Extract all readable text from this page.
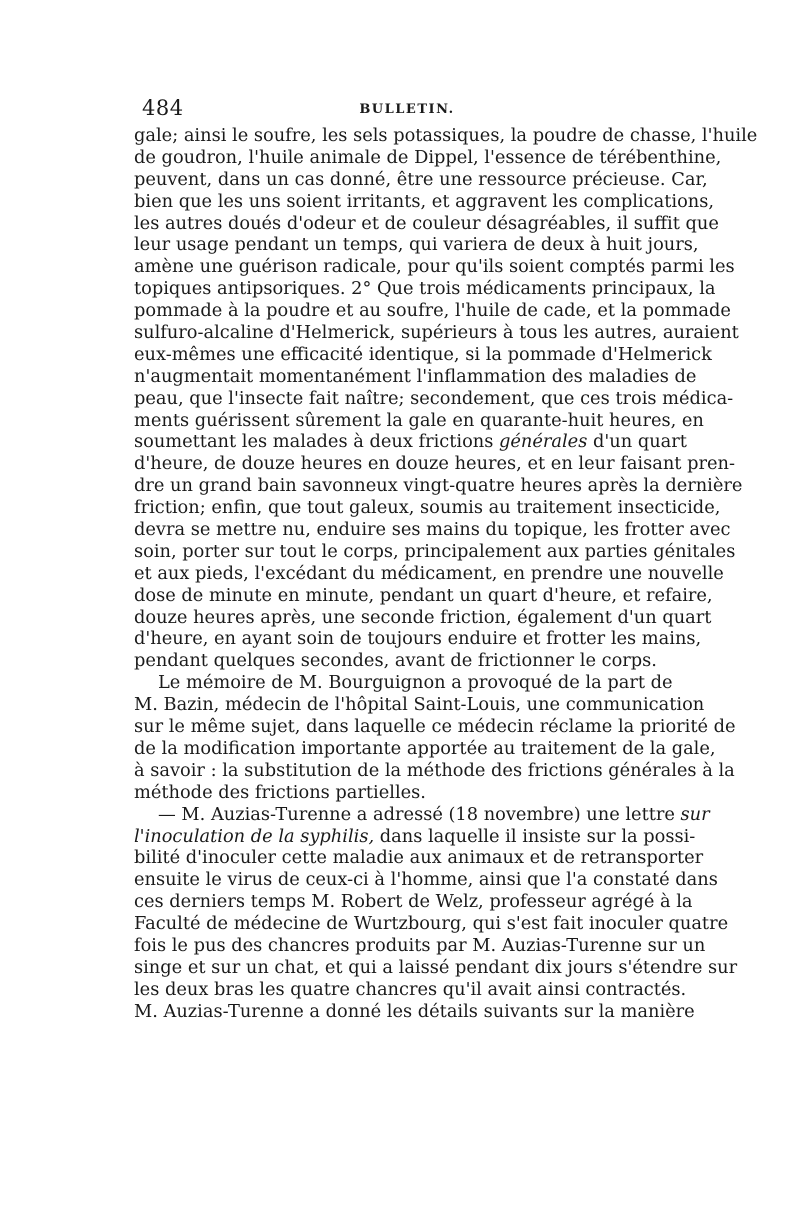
484	BULLETIN.
gale; ainsi le soufre, les sels potassiques, la poudre de chasse, l'huile
de goudron, l'huile animale de Dippel, l'essence de térébenthine,
peuvent, dans un cas donné, être une ressource précieuse. Car,
bien que les uns soient irritants, et aggravent les complications,
les autres doués d'odeur et de couleur désagréables, il suffit que
leur usage pendant un temps, qui variera de deux à huit jours,
amène une guérison radicale, pour qu'ils soient comptés parmi les
topiques antipsoriques. 2° Que trois médicaments principaux, la
pommade à la poudre et au soufre, l'huile de cade, et la pommade
sulfuro-alcaline d'Helmerick, supérieurs à tous les autres, auraient
eux-mêmes une efficacité identique, si la pommade d'Helmerick
n'augmentait momentanément l'inflammation des maladies de
peau, que l'insecte fait naître; secondement, que ces trois médica-
ments guérissent sûrement la gale en quarante-huit heures, en
soumettant les malades à deux frictions générales d'un quart
d'heure, de douze heures en douze heures, et en leur faisant pren-
dre un grand bain savonneux vingt-quatre heures après la dernière
friction; enfin, que tout galeux, soumis au traitement insecticide,
devra se mettre nu, enduire ses mains du topique, les frotter avec
soin, porter sur tout le corps, principalement aux parties génitales
et aux pieds, l'excédant du médicament, en prendre une nouvelle
dose de minute en minute, pendant un quart d'heure, et refaire,
douze heures après, une seconde friction, également d'un quart
d'heure, en ayant soin de toujours enduire et frotter les mains,
pendant quelques secondes, avant de frictionner le corps.
Le mémoire de M. Bourguignon a provoqué de la part de
M. Bazin, médecin de l'hôpital Saint-Louis, une communication
sur le même sujet, dans laquelle ce médecin réclame la priorité de
de la modification importante apportée au traitement de la gale,
à savoir : la substitution de la méthode des frictions générales à la
méthode des frictions partielles.
— M. Auzias-Turenne a adressé (18 novembre) une lettre sur
l'inoculation de la syphilis, dans laquelle il insiste sur la possi-
bilité d'inoculer cette maladie aux animaux et de retransporter
ensuite le virus de ceux-ci à l'homme, ainsi que l'a constaté dans
ces derniers temps M. Robert de Welz, professeur agrégé à la
Faculté de médecine de Wurtzbourg, qui s'est fait inoculer quatre
fois le pus des chancres produits par M. Auzias-Turenne sur un
singe et sur un chat, et qui a laissé pendant dix jours s'étendre sur
les deux bras les quatre chancres qu'il avait ainsi contractés.
M. Auzias-Turenne a donné les détails suivants sur la manière
